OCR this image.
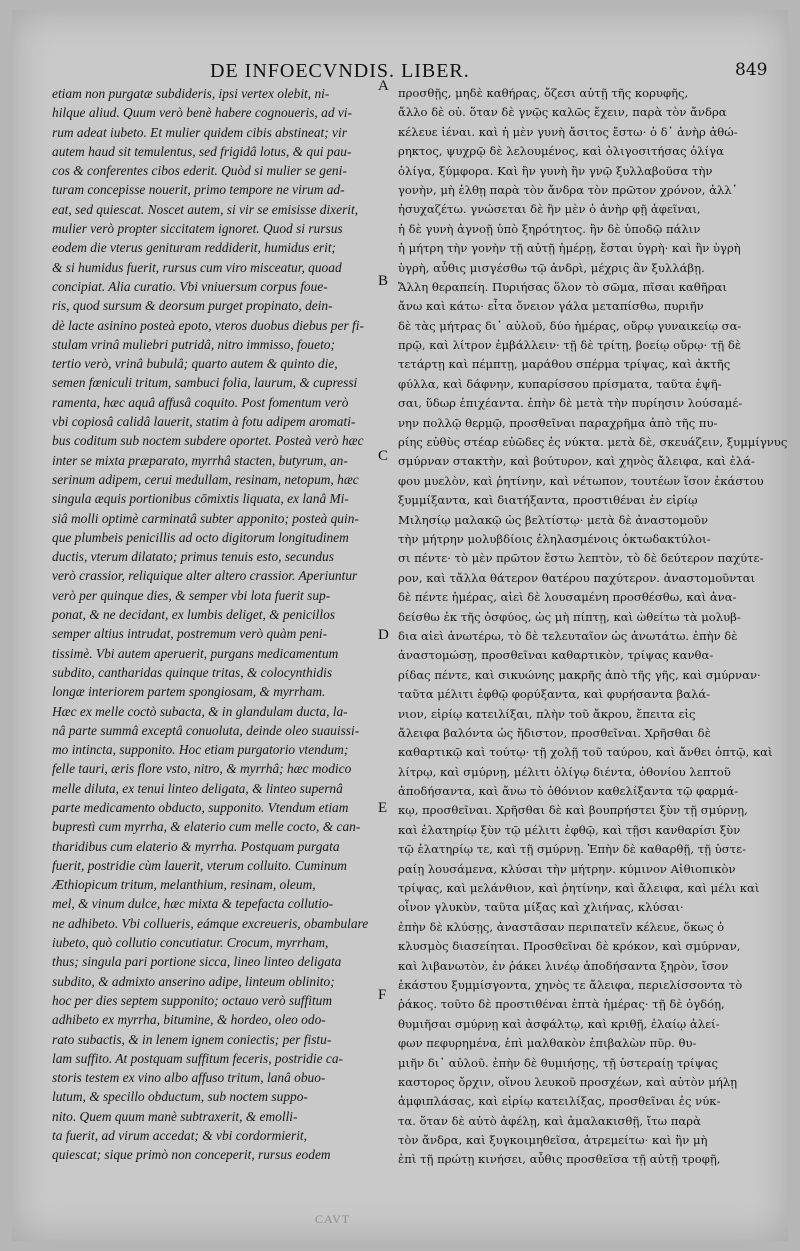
DE INFOECVNDIS. LIBER.	849
etiam non purgatæ subdideris, ipsi vertex olebit, ni-
hilque aliud. Quum verò benè habere cognoueris, ad vi-
rum adeat iubeto. Et mulier quidem cibis abstineat; vir
autem haud sit temulentus, sed frigidâ lotus, & qui pau-
cos & conferentes cibos ederit. Quòd si mulier se geni-
turam concepisse nouerit, primo tempore ne virum ad-
eat, sed quiescat. Noscet autem, si vir se emisisse dixerit,
mulier verò propter siccitatem ignoret. Quod si rursus
eodem die vterus genituram reddiderit, humidus erit;
& si humidus fuerit, rursus cum viro misceatur, quoad
concipiat. Alia curatio. Vbi vniuersum corpus foue-
ris, quod sursum & deorsum purget propinato, dein-
dè lacte asinino posteà epoto, vteros duobus diebus per fi-
stulam vrinâ muliebri putridâ, nitro immisso, foueto;
tertio verò, vrinâ bubulâ; quarto autem & quinto die,
semen fœniculi tritum, sambuci folia, laurum, & cupressi
ramenta, hæc aquâ affusâ coquito. Post fomentum verò
vbi copiosâ calidâ lauerit, statim à fotu adipem aromati-
bus coditum sub noctem subdere oportet. Posteà verò hæc
inter se mixta præparato, myrrhâ stacten, butyrum, an-
serinum adipem, cerui medullam, resinam, netopum, hæc
singula æquis portionibus cōmixtis liquata, ex lanâ Mi-
siâ molli optimè carminatâ subter apponito; posteà quin-
que plumbeis penicillis ad octo digitorum longitudinem
ductis, vterum dilatato; primus tenuis esto, secundus
verò crassior, reliquique alter altero crassior. Aperiuntur
verò per quinque dies, & semper vbi lota fuerit sup-
ponat, & ne decidant, ex lumbis deliget, & penicillos
semper altius intrudat, postremum verò quàm peni-
tissimè. Vbi autem aperuerit, purgans medicamentum
subdito, cantharidas quinque tritas, & colocynthidis
longæ interiorem partem spongiosam, & myrrham.
Hæc ex melle coctò subacta, & in glandulam ducta, la-
nâ parte summâ exceptâ conuoluta, deinde oleo suauissi-
mo intincta, supponito. Hoc etiam purgatorio vtendum;
felle tauri, æris flore vsto, nitro, & myrrhâ; hæc modico
melle diluta, ex tenui linteo deligata, & linteo supernâ
parte medicamento obducto, supponito. Vtendum etiam
buprestì cum myrrha, & elaterio cum melle cocto, & can-
tharidibus cum elaterio & myrrha. Postquam purgata
fuerit, postridie cùm lauerit, vterum colluito. Cuminum
Æthiopicum tritum, melanthium, resinam, oleum,
mel, & vinum dulce, hæc mixta & tepefacta collutio-
ne adhibeto. Vbi collueris, eámque excreueris, obambulare
iubeto, quò collutio concutiatur. Crocum, myrrham,
thus; singula pari portione sicca, lineo linteo deligata
subdito, & admixto anserino adipe, linteum oblinito;
hoc per dies septem supponito; octauo verò suffitum
adhibeto ex myrrha, bitumine, & hordeo, oleo odo-
rato subactis, & in lenem ignem coniectis; per fistu-
lam suffito. At postquam suffitum feceris, postridie ca-
storis testem ex vino albo affuso tritum, lanâ obuo-
lutum, & specillo obductum, sub noctem suppo-
nito. Quem quum manè subtraxerit, & emolli-
ta fuerit, ad virum accedat; & vbi cordormierit,
quiescat; sique primò non conceperit, rursus eodem
προσθῇς, μηδὲ καθήρας, ὄζεσι αὐτῇ τῆς κορυφῆς,
ἄλλο δὲ οὐ. ὅταν δὲ γνῷς καλῶς ἔχειν, παρὰ τὸν ἄνδρα
κέλευε ἰέναι. καὶ ἡ μὲν γυνὴ ἄσιτος ἔστω· ὁ δ᾽ ἀνὴρ ἀθώ-
ρηκτος, ψυχρῷ δὲ λελουμένος, καὶ ὀλιγοσιτήσας ὀλίγα
ὀλίγα, ξύμφορα. Καὶ ἢν γυνὴ ἢν γνῷ ξυλλαβοῦσα τὴν
γονὴν, μὴ ἐλθῃ παρὰ τὸν ἄνδρα τὸν πρῶτον χρόνον, ἀλλ᾽
ἡσυχαζέτω. γνώσεται δὲ ἢν μὲν ὁ ἀνὴρ φῇ ἀφεῖναι,
ἡ δὲ γυνὴ ἀγνοῇ ὑπὸ ξηρότητος. ἢν δὲ ὑποδῷ πάλιν
ἡ μήτρη τὴν γονὴν τῇ αὐτῇ ἡμέρῃ, ἔσται ὑγρὴ· καὶ ἢν ὑγρὴ
ὑγρὴ, αὖθις μισγέσθω τῷ ἀνδρὶ, μέχρις ἂν ξυλλάβῃ.
Ἄλλη θεραπείη. Πυριήσας ὅλον τὸ σῶμα, πῖσαι καθῆραι
ἄνω καὶ κάτω· εἶτα ὄνειον γάλα μεταπίσθω, πυριῆν
δὲ τὰς μήτρας δι᾽ αὐλοῦ, δύο ἡμέρας, οὔρῳ γυναικείῳ σα-
πρῷ, καὶ λίτρον ἐμβάλλειν· τῇ δὲ τρίτῃ, βοείῳ οὔρῳ· τῇ δὲ
τετάρτῃ καὶ πέμπτῃ, μαράθου σπέρμα τρίψας, καὶ ἀκτῆς
φύλλα, καὶ δάφνην, κυπαρίσσου πρίσματα, ταῦτα ἑψῆ-
σαι, ὕδωρ ἐπιχέαντα. ἐπὴν δὲ μετὰ τὴν πυρίησιν λούσαμέ-
νην πολλῷ θερμῷ, προσθεῖναι παραχρῆμα ἀπὸ τῆς πυ-
ρίης εὐθὺς στέαρ εὐῶδες ἐς νύκτα. μετὰ δὲ, σκευάζειν, ξυμμίγνυς
σμύρναν στακτὴν, καὶ βούτυρον, καὶ χηνὸς ἄλειφα, καὶ ἐλά-
φου μυελὸν, καὶ ῥητίνην, καὶ νέτωπον, τουτέων ἴσον ἑκάστου
ξυμμίξαντα, καὶ διατήξαντα, προστιθέναι ἐν εἰρίῳ
Μιλησίῳ μαλακῷ ὡς βελτίστῳ· μετὰ δὲ ἀναστομοῦν
τὴν μήτρην μολυβδίοις ἐληλασμένοις ὀκτωδακτύλοι-
σι πέντε· τὸ μὲν πρῶτον ἔστω λεπτὸν, τὸ δὲ δεύτερον παχύτε-
ρον, καὶ τἄλλα θάτερον θατέρου παχύτερον. ἀναστομοῦνται
δὲ πέντε ἡμέρας, αἰεὶ δὲ λουσαμένη προσθέσθω, καὶ ἀνα-
δείσθω ἐκ τῆς ὀσφύος, ὡς μὴ πίπτῃ, καὶ ὠθείτω τὰ μολυβ-
δια αἰεὶ ἀνωτέρω, τὸ δὲ τελευταῖον ὡς ἀνωτάτω. ἐπὴν δὲ
ἀναστομώσῃ, προσθεῖναι καθαρτικὸν, τρίψας κανθα-
ρίδας πέντε, καὶ σικυώνης μακρῆς ἀπὸ τῆς γῆς, καὶ σμύρναν·
ταῦτα μέλιτι ἑφθῷ φορύξαντα, καὶ φυρήσαντα βαλά-
νιον, εἰρίῳ κατειλίξαι, πλὴν τοῦ ἄκρου, ἔπειτα εἰς
ἄλειφα βαλόντα ὡς ἥδιστον, προσθεῖναι. Χρῆσθαι δὲ
καθαρτικῷ καὶ τούτῳ· τῇ χολῇ τοῦ ταύρου, καὶ ἄνθει ὀπτῷ, καὶ
λίτρῳ, καὶ σμύρνῃ, μέλιτι ὀλίγῳ διέντα, ὀθονίου λεπτοῦ
ἀποδήσαντα, καὶ ἄνω τὸ ὀθόνιον καθελίξαντα τῷ φαρμά-
κῳ, προσθεῖναι. Χρῆσθαι δὲ καὶ βουπρήστει ξὺν τῇ σμύρνῃ,
καὶ ἐλατηρίῳ ξὺν τῷ μέλιτι ἑφθῷ, καὶ τῇσι κανθαρίσι ξὺν
τῷ ἐλατηρίῳ τε, καὶ τῇ σμύρνῃ. Ἐπὴν δὲ καθαρθῇ, τῇ ὑστε-
ραίῃ λουσάμενα, κλύσαι τὴν μήτρην. κύμινον Αἰθιοπικὸν
τρίψας, καὶ μελάνθιον, καὶ ῥητίνην, καὶ ἄλειφα, καὶ μέλι καὶ
οἶνον γλυκὺν, ταῦτα μίξας καὶ χλιήνας, κλύσαι·
ἐπὴν δὲ κλύσῃς, ἀναστᾶσαν περιπατεῖν κέλευε, ὅκως ὁ
κλυσμὸς διασείηται. Προσθεῖναι δὲ κρόκον, καὶ σμύρναν,
καὶ λιβανωτὸν, ἐν ῥάκει λινέῳ ἀποδήσαντα ξηρὸν, ἴσον
ἑκάστου ξυμμίσγοντα, χηνὸς τε ἄλειφα, περιελίσσοντα τὸ
ῥάκος. τοῦτο δὲ προστιθέναι ἑπτὰ ἡμέρας· τῇ δὲ ὀγδόῃ,
θυμιῆσαι σμύρνῃ καὶ ἀσφάλτῳ, καὶ κριθῇ, ἐλαίῳ ἀλεί-
φων πεφυρημένα, ἐπὶ μαλθακὸν ἐπιβαλὼν πῦρ. θυ-
μιῆν δι᾽ αὐλοῦ. ἐπὴν δὲ θυμιήσῃς, τῇ ὑστεραίῃ τρίψας
καστορος ὄρχιν, οἴνου λευκοῦ προσχέων, καὶ αὐτὸν μήλῃ
ἀμφιπλάσας, καὶ εἰρίῳ κατειλίξας, προσθεῖναι ἐς νύκ-
τα. ὅταν δὲ αὐτὸ ἀφέλῃ, καὶ ἀμαλακισθῇ, ἴτω παρὰ
τὸν ἄνδρα, καὶ ξυγκοιμηθεῖσα, ἀτρεμείτω· καὶ ἢν μὴ
ἐπὶ τῇ πρώτῃ κινήσει, αὖθις προσθεῖσα τῇ αὐτῇ τροφῇ,
A
B
C
D
E
F
CAVT
